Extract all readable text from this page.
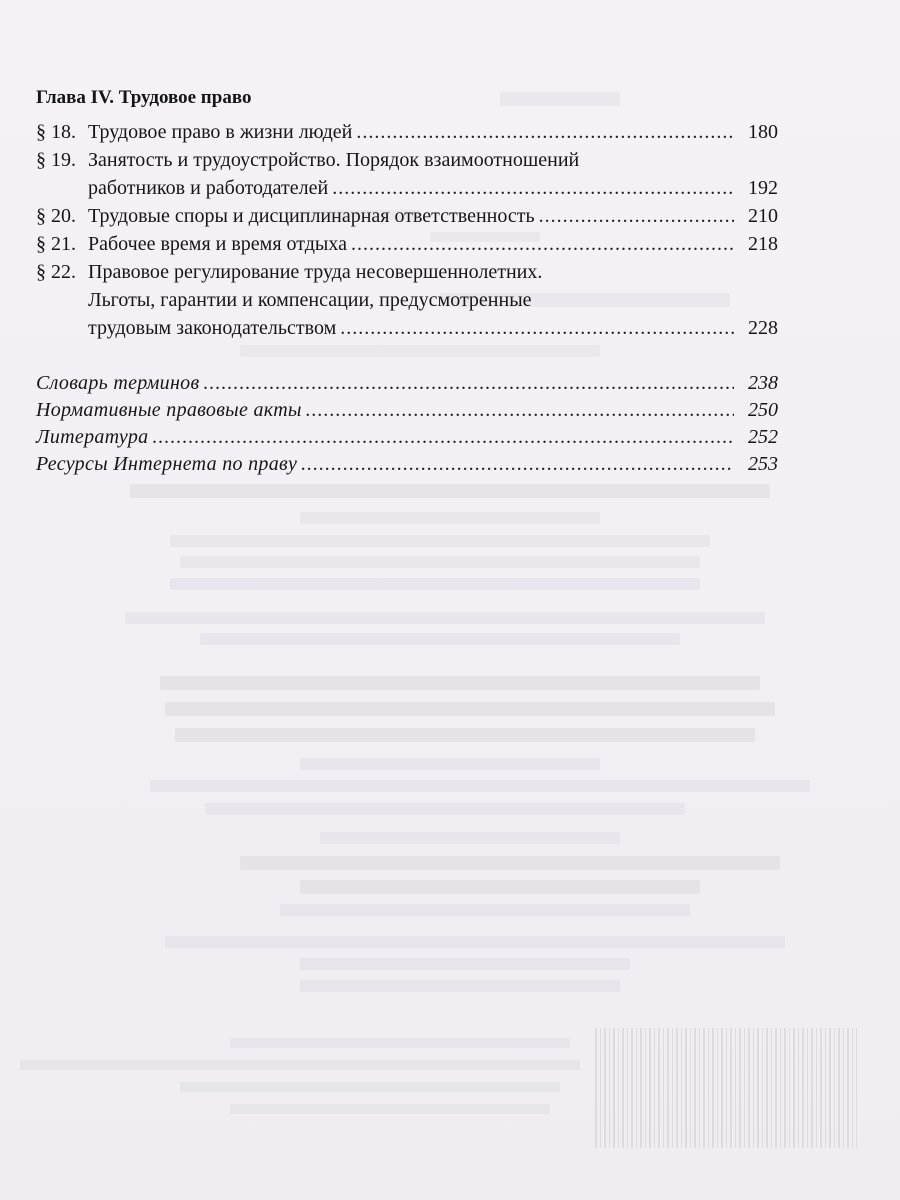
Глава IV. Трудовое право
§ 18. Трудовое право в жизни людей .....	180
§ 19. Занятость и трудоустройство. Порядок взаимоотношений
работников и работодателей .....	192
§ 20. Трудовые споры и дисциплинарная ответственность .....	210
§ 21. Рабочее время и время отдыха .....	218
§ 22. Правовое регулирование труда несовершеннолетних.
Льготы, гарантии и компенсации, предусмотренные
трудовым законодательством .....	228
Словарь терминов .....	238
Нормативные правовые акты .....	250
Литература .....	252
Ресурсы Интернета по праву .....	253
